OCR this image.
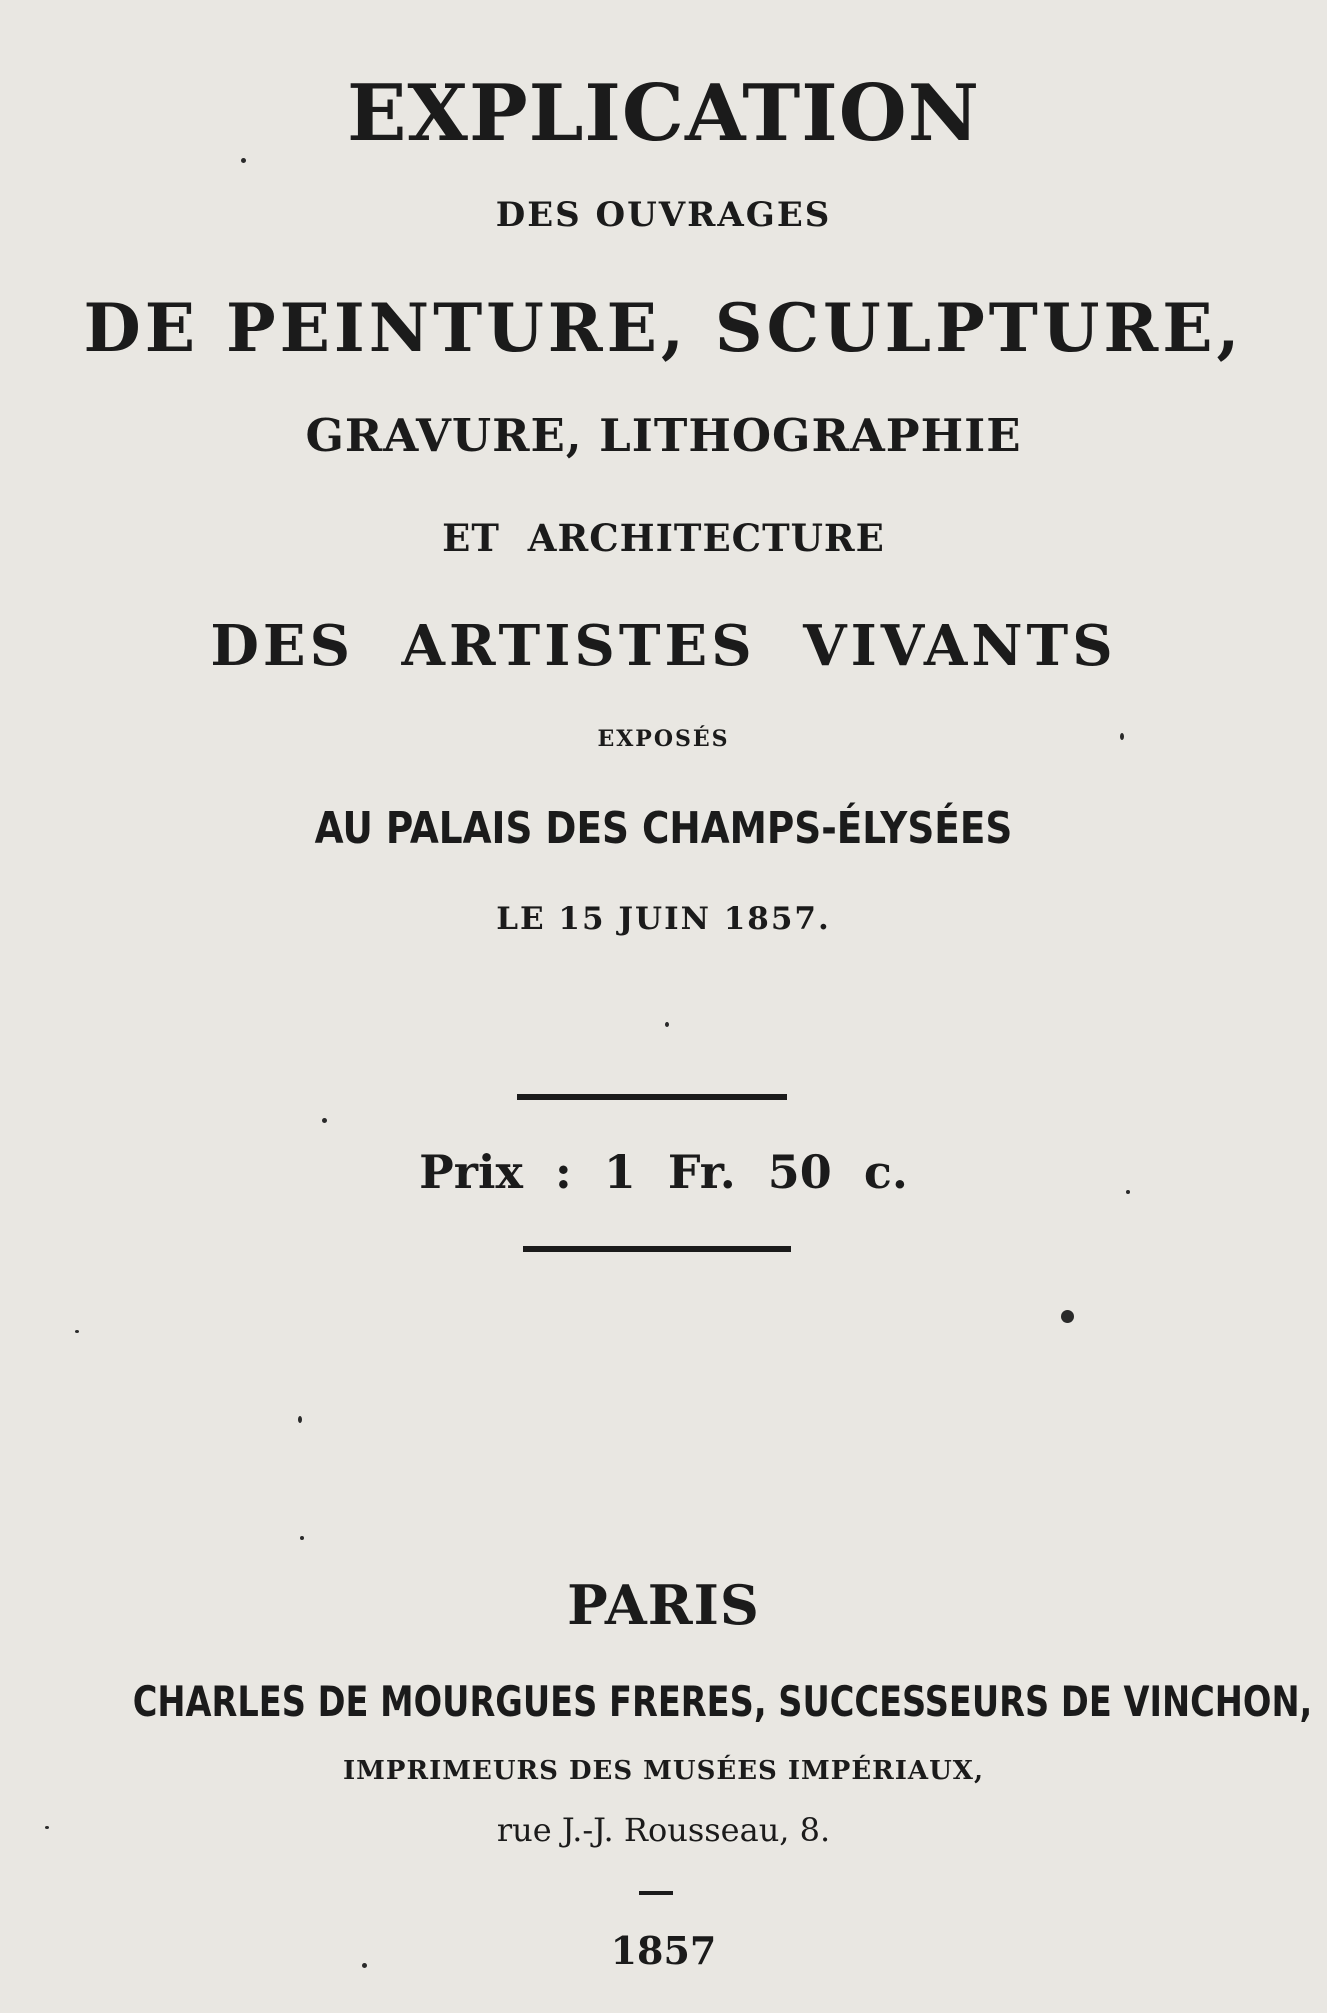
EXPLICATION
DES OUVRAGES
DE PEINTURE, SCULPTURE,
GRAVURE, LITHOGRAPHIE
ET ARCHITECTURE
DES ARTISTES VIVANTS
EXPOSÉS
AU PALAIS DES CHAMPS-ÉLYSÉES
LE 15 JUIN 1857.
Prix : 1 Fr. 50 c.
PARIS
CHARLES DE MOURGUES FRERES, SUCCESSEURS DE VINCHON,
IMPRIMEURS DES MUSÉES IMPÉRIAUX,
rue J.-J. Rousseau, 8.
1857
